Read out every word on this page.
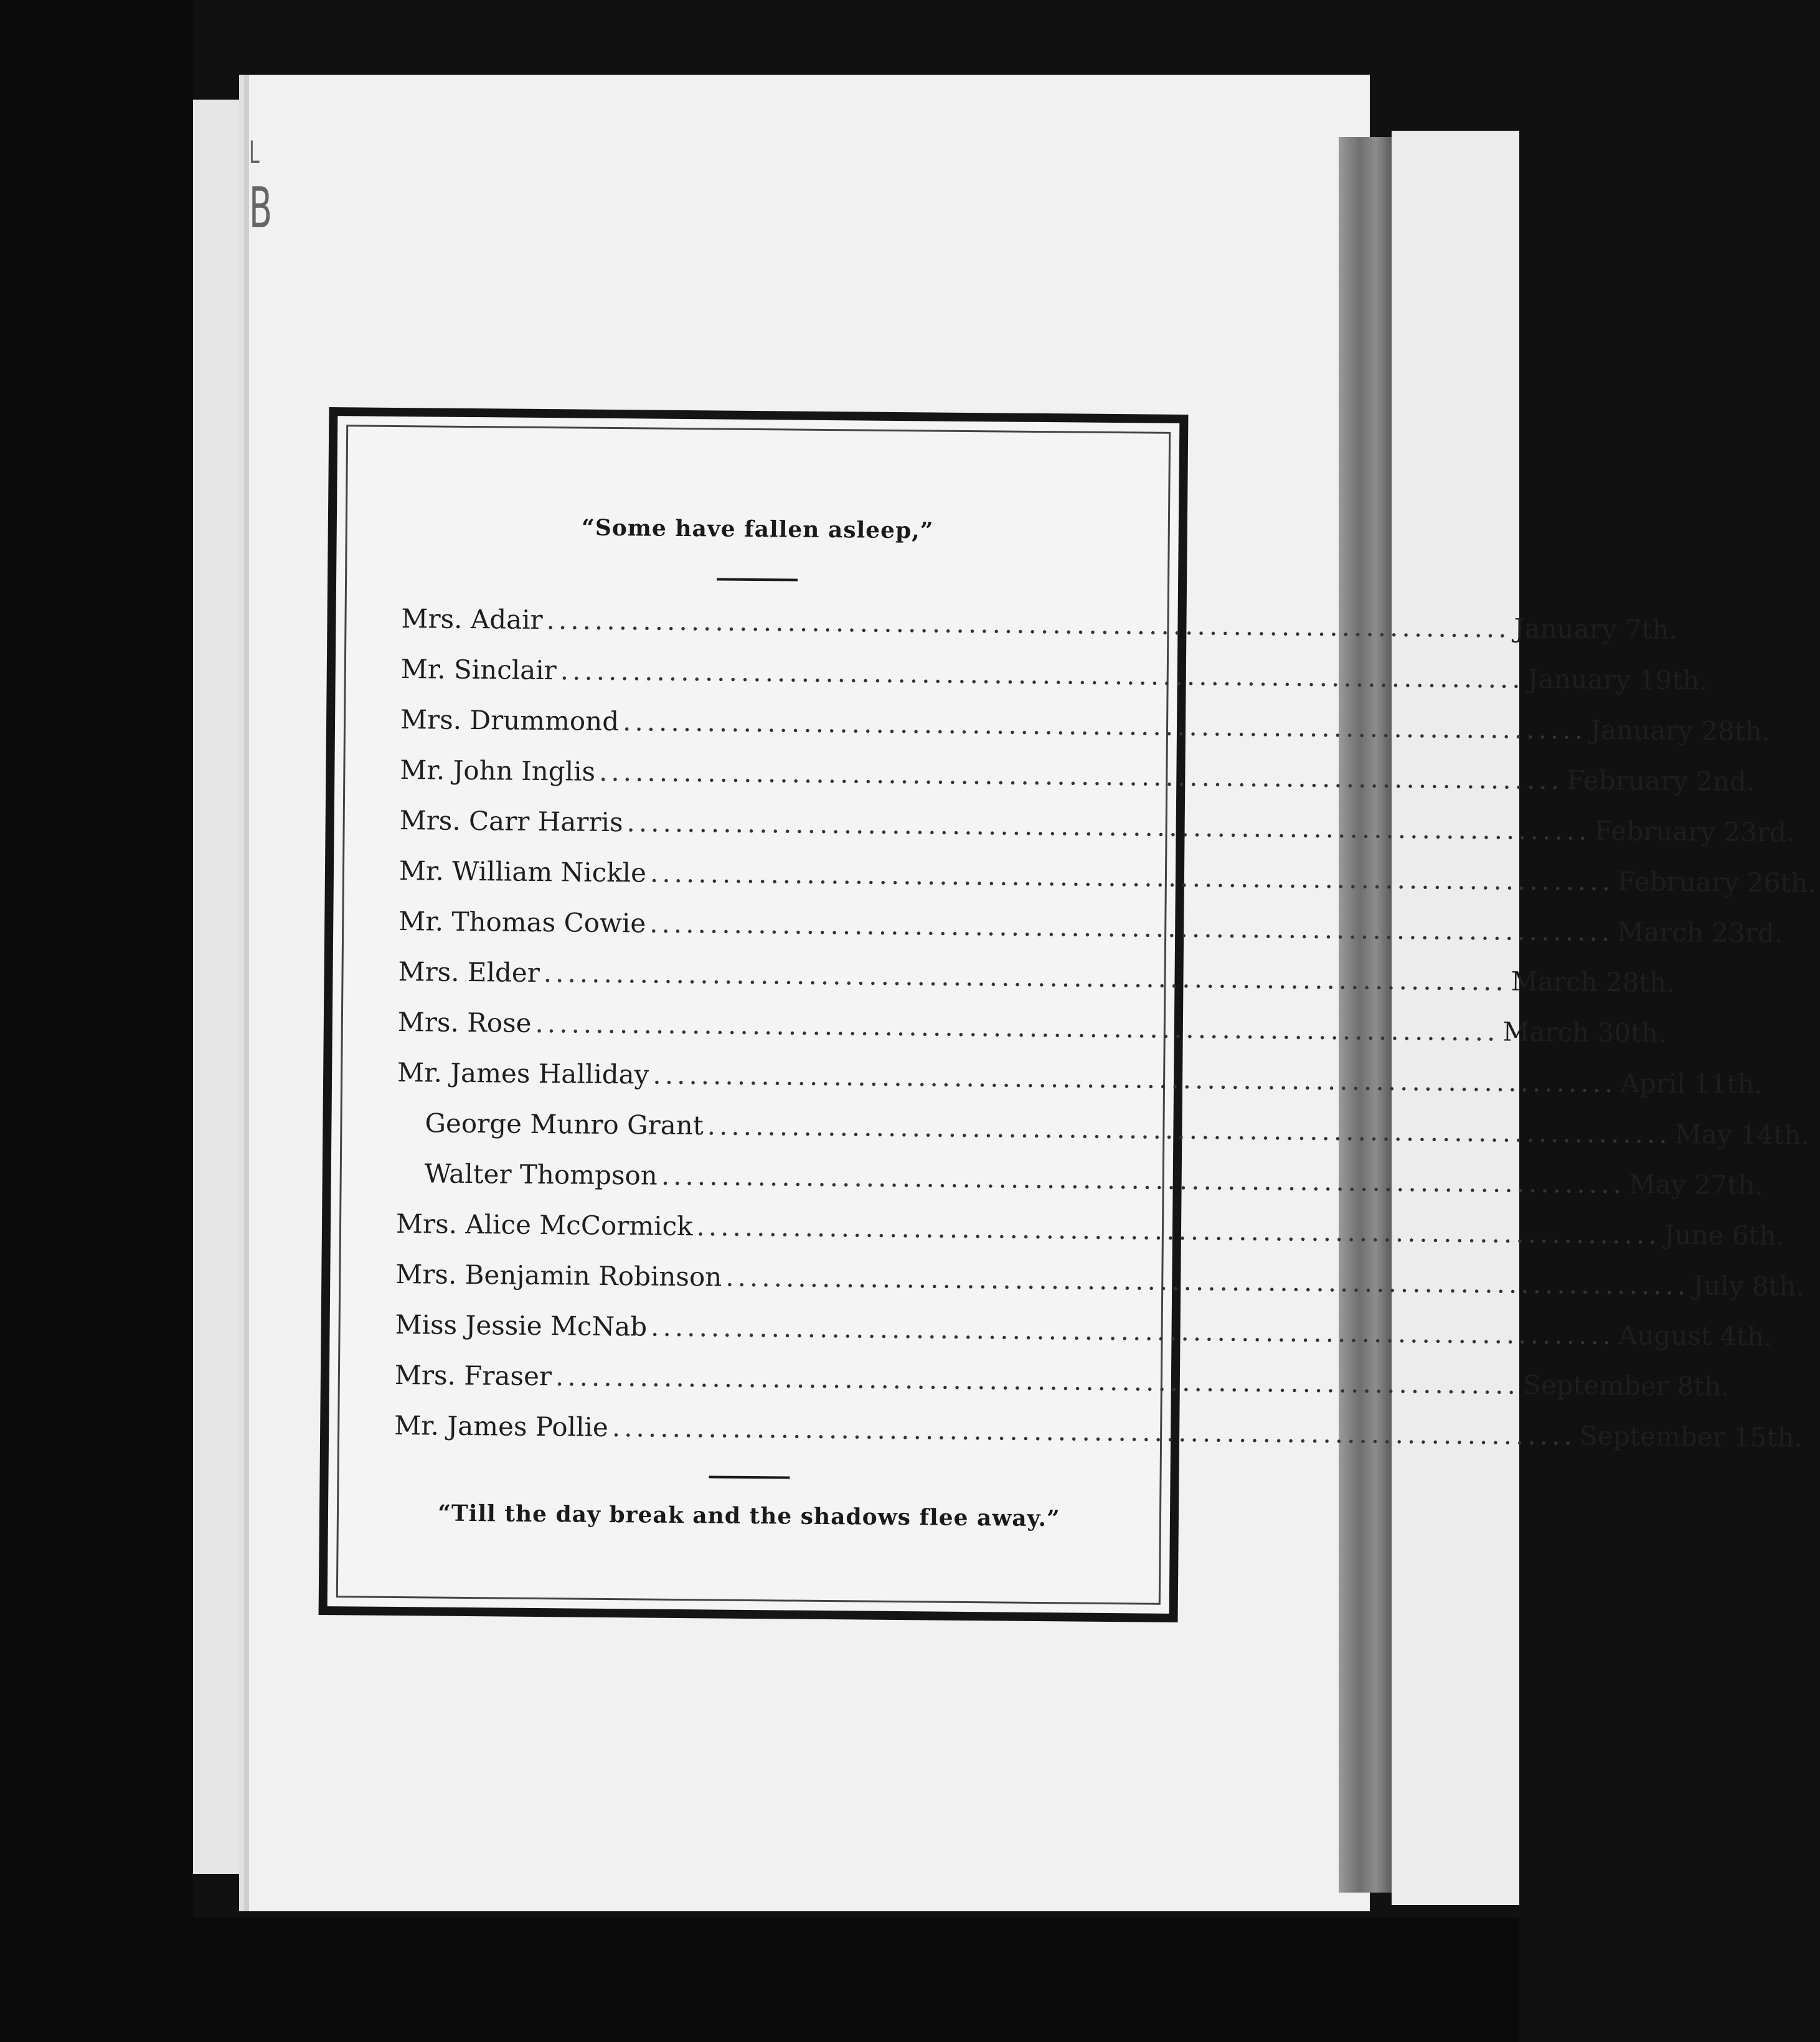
L
B
“Some have fallen asleep,”
Mrs. Adair ................................................................................ January 7th.
Mr. Sinclair ................................................................................ January 19th.
Mrs. Drummond ................................................................................ January 28th.
Mr. John Inglis ................................................................................ February 2nd.
Mrs. Carr Harris ................................................................................ February 23rd.
Mr. William Nickle ................................................................................ February 26th.
Mr. Thomas Cowie ................................................................................ March 23rd.
Mrs. Elder ................................................................................ March 28th.
Mrs. Rose ................................................................................ March 30th.
Mr. James Halliday ................................................................................ April 11th.
George Munro Grant ................................................................................ May 14th.
Walter Thompson ................................................................................ May 27th.
Mrs. Alice McCormick ................................................................................ June 6th.
Mrs. Benjamin Robinson ................................................................................ July 8th.
Miss Jessie McNab ................................................................................ August 4th.
Mrs. Fraser ................................................................................ September 8th.
Mr. James Pollie ................................................................................ September 15th.
“Till the day break and the shadows flee away.”
